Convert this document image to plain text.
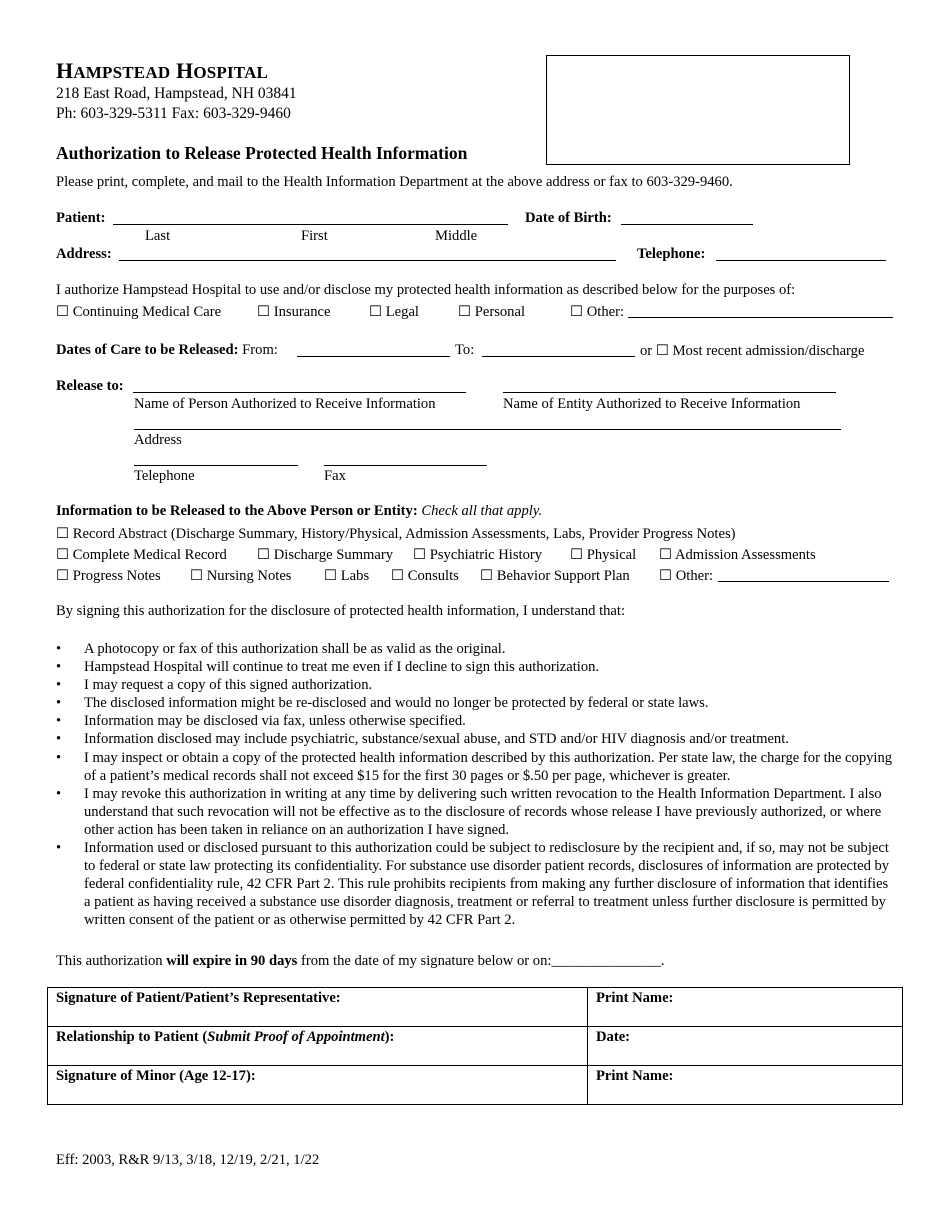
HAMPSTEAD HOSPITAL
218 East Road, Hampstead, NH 03841
Ph: 603-329-5311 Fax: 603-329-9460
Authorization to Release Protected Health Information
Please print, complete, and mail to the Health Information Department at the above address or fax to 603-329-9460.
Patient:	Date of Birth:
Last	First	Middle
Address:	Telephone:
I authorize Hampstead Hospital to use and/or disclose my protected health information as described below for the purposes of:
☐ Continuing Medical Care ☐ Insurance	☐ Legal	☐ Personal	☐ Other:
Dates of Care to be Released: From:	To:	or ☐ Most recent admission/discharge
Release to:
Name of Person Authorized to Receive Information	Name of Entity Authorized to Receive Information
Address
Telephone	Fax
Information to be Released to the Above Person or Entity: Check all that apply.
☐ Record Abstract (Discharge Summary, History/Physical, Admission Assessments, Labs, Provider Progress Notes)
☐ Complete Medical Record ☐ Discharge Summary ☐ Psychiatric History ☐ Physical ☐ Admission Assessments
☐ Progress Notes ☐ Nursing Notes ☐ Labs ☐ Consults ☐ Behavior Support Plan ☐ Other:
By signing this authorization for the disclosure of protected health information, I understand that:
• A photocopy or fax of this authorization shall be as valid as the original.
• Hampstead Hospital will continue to treat me even if I decline to sign this authorization.
• I may request a copy of this signed authorization.
• The disclosed information might be re-disclosed and would no longer be protected by federal or state laws.
• Information may be disclosed via fax, unless otherwise specified.
• Information disclosed may include psychiatric, substance/sexual abuse, and STD and/or HIV diagnosis and/or treatment.
• I may inspect or obtain a copy of the protected health information described by this authorization. Per state law, the charge for the copying of a patient’s medical records shall not exceed $15 for the first 30 pages or $.50 per page, whichever is greater.
• I may revoke this authorization in writing at any time by delivering such written revocation to the Health Information Department. I also understand that such revocation will not be effective as to the disclosure of records whose release I have previously authorized, or where other action has been taken in reliance on an authorization I have signed.
• Information used or disclosed pursuant to this authorization could be subject to redisclosure by the recipient and, if so, may not be subject to federal or state law protecting its confidentiality. For substance use disorder patient records, disclosures of information are protected by federal confidentiality rule, 42 CFR Part 2. This rule prohibits recipients from making any further disclosure of information that identifies a patient as having received a substance use disorder diagnosis, treatment or referral to treatment unless further disclosure is permitted by written consent of the patient or as otherwise permitted by 42 CFR Part 2.
This authorization will expire in 90 days from the date of my signature below or on:_______________.
Signature of Patient/Patient’s Representative:	Print Name:
Relationship to Patient (Submit Proof of Appointment):	Date:
Signature of Minor (Age 12-17):	Print Name:
Eff: 2003, R&R 9/13, 3/18, 12/19, 2/21, 1/22
